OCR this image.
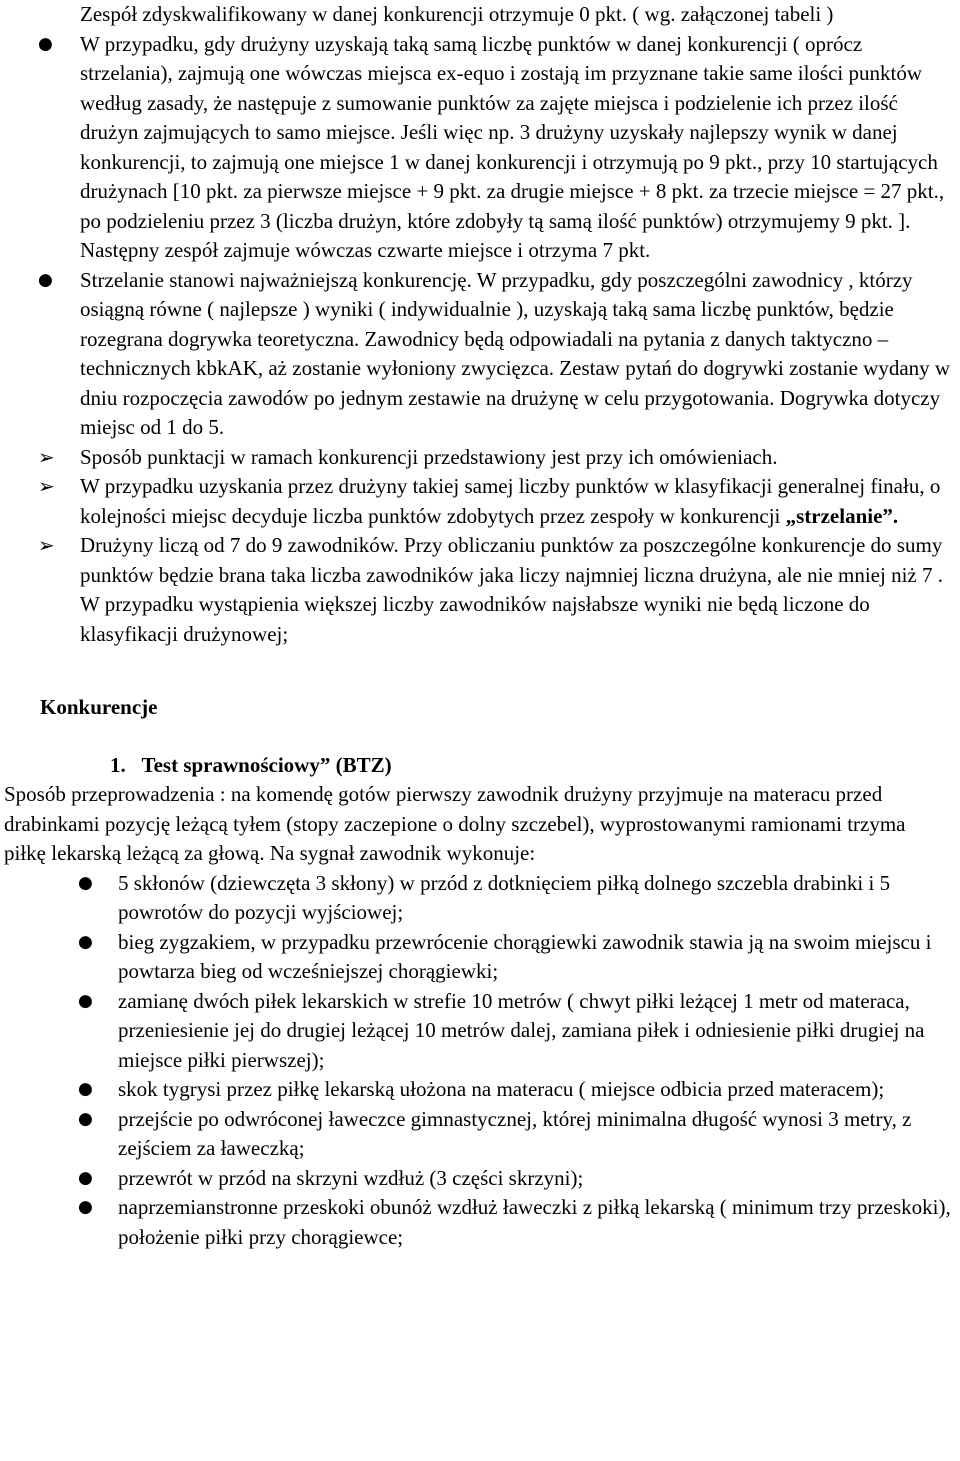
Zespół zdyskwalifikowany w danej konkurencji otrzymuje 0 pkt. ( wg. załączonej tabeli )

●	W przypadku, gdy drużyny uzyskają taką samą liczbę punktów w danej konkurencji ( oprócz strzelania), zajmują one wówczas miejsca ex-equo i zostają im przyznane takie same ilości punktów według zasady, że następuje z sumowanie punktów za zajęte miejsca i podzielenie ich przez ilość drużyn zajmujących to samo miejsce. Jeśli więc np. 3 drużyny uzyskały najlepszy wynik w danej konkurencji, to zajmują one miejsce 1 w danej konkurencji i otrzymują po 9 pkt., przy 10 startujących drużynach [10 pkt. za pierwsze miejsce + 9 pkt. za drugie miejsce + 8 pkt. za trzecie miejsce = 27 pkt., po podzieleniu przez 3 (liczba drużyn, które zdobyły tą samą ilość punktów) otrzymujemy 9 pkt. ]. Następny zespół zajmuje wówczas czwarte miejsce i otrzyma 7 pkt.
●	Strzelanie stanowi najważniejszą konkurencję. W przypadku, gdy poszczególni zawodnicy , którzy osiągną równe ( najlepsze ) wyniki ( indywidualnie ), uzyskają taką sama liczbę punktów, będzie rozegrana dogrywka teoretyczna. Zawodnicy będą odpowiadali na pytania z danych taktyczno – technicznych kbkAK, aż zostanie wyłoniony zwycięzca. Zestaw pytań do dogrywki zostanie wydany w dniu rozpoczęcia zawodów po jednym zestawie na drużynę w celu przygotowania. Dogrywka dotyczy miejsc od 1 do 5.
➢	Sposób punktacji w ramach konkurencji przedstawiony jest przy ich omówieniach.
➢	W przypadku uzyskania przez drużyny takiej samej liczby punktów w klasyfikacji generalnej finału, o kolejności miejsc decyduje liczba punktów zdobytych przez zespoły w konkurencji „strzelanie”.
➢	Drużyny liczą od 7 do 9 zawodników. Przy obliczaniu punktów za poszczególne konkurencje do sumy punktów będzie brana taka liczba zawodników jaka liczy najmniej liczna drużyna, ale nie mniej niż 7 . W przypadku wystąpienia większej liczby zawodników najsłabsze wyniki nie będą liczone do klasyfikacji drużynowej;

Konkurencje

1. Test sprawnościowy” (BTZ)

Sposób przeprowadzenia : na komendę gotów pierwszy zawodnik drużyny przyjmuje na materacu przed drabinkami pozycję leżącą tyłem (stopy zaczepione o dolny szczebel), wyprostowanymi ramionami trzyma piłkę lekarską leżącą za głową. Na sygnał zawodnik wykonuje:

●	5 skłonów (dziewczęta 3 skłony) w przód z dotknięciem piłką dolnego szczebla drabinki i 5 powrotów do pozycji wyjściowej;
●	bieg zygzakiem, w przypadku przewrócenie chorągiewki zawodnik stawia ją na swoim miejscu i powtarza bieg od wcześniejszej chorągiewki;
●	zamianę dwóch piłek lekarskich w strefie 10 metrów ( chwyt piłki leżącej 1 metr od materaca, przeniesienie jej do drugiej leżącej 10 metrów dalej, zamiana piłek i odniesienie piłki drugiej na miejsce piłki pierwszej);
●	skok tygrysi przez piłkę lekarską ułożona na materacu ( miejsce odbicia przed materacem);
●	przejście po odwróconej ławeczce gimnastycznej, której minimalna długość wynosi 3 metry, z zejściem za ławeczką;
●	przewrót w przód na skrzyni wzdłuż (3 części skrzyni);
●	naprzemianstronne przeskoki obunóż wzdłuż ławeczki z piłką lekarską ( minimum trzy przeskoki), położenie piłki przy chorągiewce;
